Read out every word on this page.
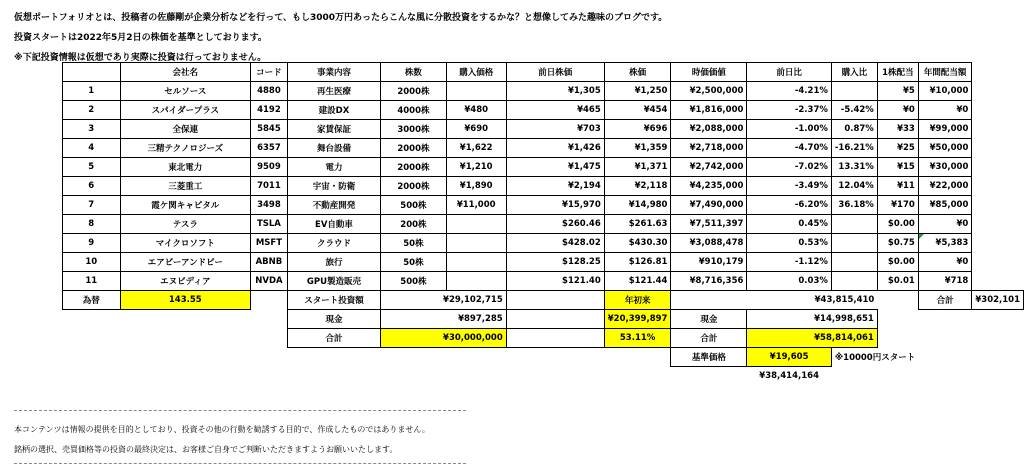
仮想ポートフォリオとは、投稿者の佐藤剛が企業分析などを行って、もし3000万円あったらこんな風に分散投資をするかな？と想像してみた趣味のブログです。
投資スタートは2022年5月2日の株価を基準としております。
※下記投資情報は仮想であり実際に投資は行っておりません。
	会社名	コード	事業内容	株数	購入価格	前日株価	株価	時価価値	前日比	購入比	1株配当	年間配当額	
1	セルソース	4880	再生医療	2000株		¥1,305	¥1,250	¥2,500,000	-4.21%		¥5	¥10,000	
2	スパイダープラス	4192	建設DX	4000株	¥480	¥465	¥454	¥1,816,000	-2.37%	-5.42%	¥0	¥0	
3	全保連	5845	家賃保証	3000株	¥690	¥703	¥696	¥2,088,000	-1.00%	0.87%	¥33	¥99,000	
4	三精テクノロジーズ	6357	舞台設備	2000株	¥1,622	¥1,426	¥1,359	¥2,718,000	-4.70%	-16.21%	¥25	¥50,000	
5	東北電力	9509	電力	2000株	¥1,210	¥1,475	¥1,371	¥2,742,000	-7.02%	13.31%	¥15	¥30,000	
6	三菱重工	7011	宇宙・防衛	2000株	¥1,890	¥2,194	¥2,118	¥4,235,000	-3.49%	12.04%	¥11	¥22,000	
7	霞ケ関キャピタル	3498	不動産開発	500株	¥11,000	¥15,970	¥14,980	¥7,490,000	-6.20%	36.18%	¥170	¥85,000	
8	テスラ	TSLA	EV自動車	200株		$260.46	$261.63	¥7,511,397	0.45%		$0.00	¥0	
9	マイクロソフト	MSFT	クラウド	50株		$428.02	$430.30	¥3,088,478	0.53%		$0.75	¥5,383	
10	エアビーアンドビー	ABNB	旅行	50株		$128.25	$126.81	¥910,179	-1.12%		$0.00	¥0	
11	エヌビディア	NVDA	GPU製造販売	500株		$121.40	$121.44	¥8,716,356	0.03%		$0.01	¥718	
為替	143.55		スタート投資額	¥29,102,715			年初来		¥43,815,410			合計	¥302,101
			現金	¥897,285			¥20,399,897	現金	¥14,998,651				
			合計	¥30,000,000			53.11%	合計	¥58,814,061				
								基準価格	¥19,605	※10000円スタート			
									¥38,414,164				
本コンテンツは情報の提供を目的としており、投資その他の行動を勧誘する目的で、作成したものではありません。
銘柄の選択、売買価格等の投資の最終決定は、お客様ご自身でご判断いただきますようお願いいたします。
